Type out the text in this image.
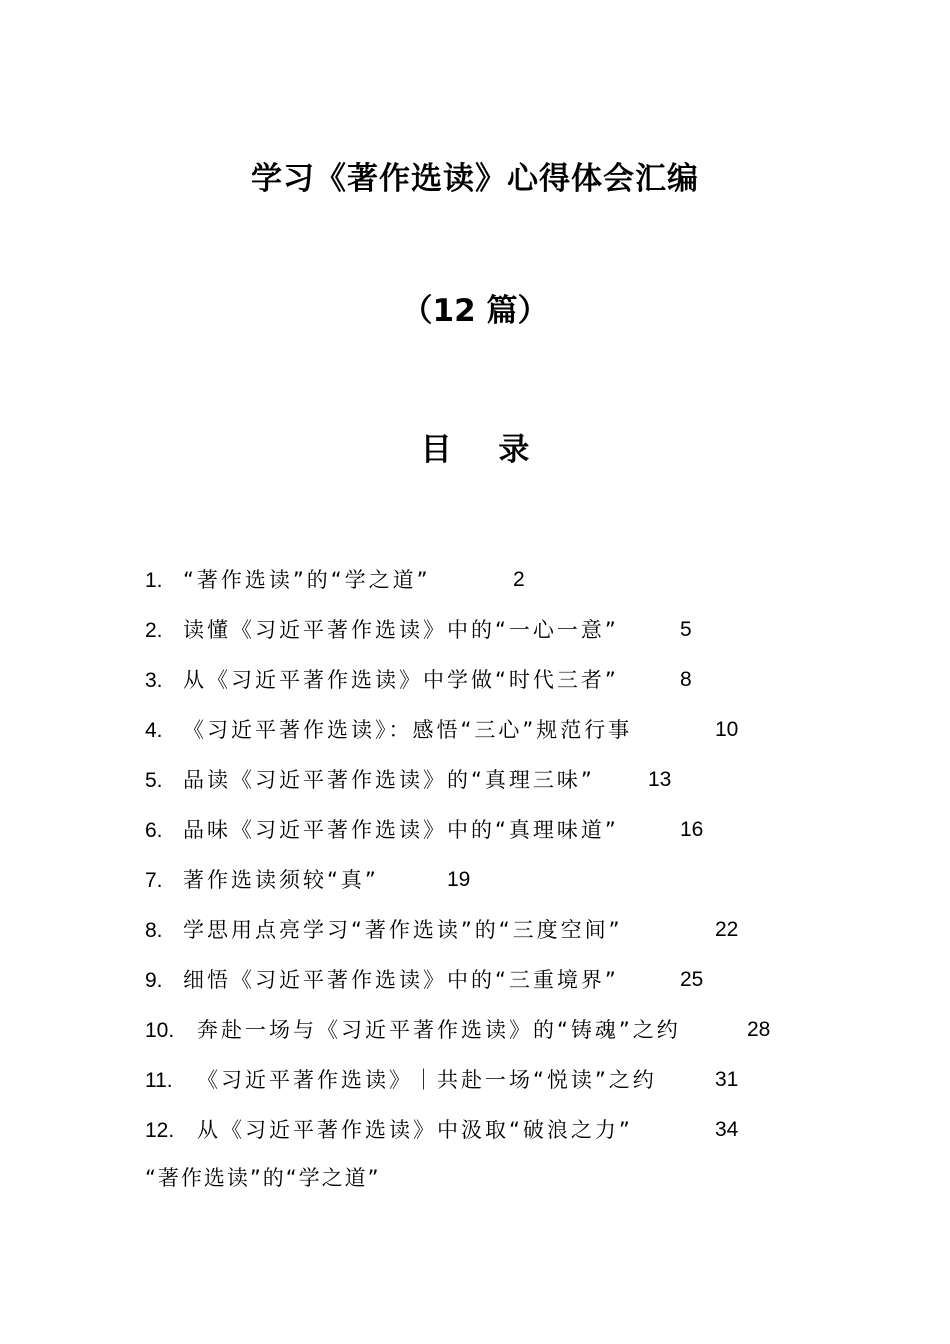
学习《著作选读》心得体会汇编
（12 篇）
目 录
1. “著作选读”的“学之道”	2
2. 读懂《习近平著作选读》中的“一心一意”	5
3. 从《习近平著作选读》中学做“时代三者”	8
4. 《习近平著作选读》：感悟“三心”规范行事	10
5. 品读《习近平著作选读》的“真理三味”	13
6. 品味《习近平著作选读》中的“真理味道”	16
7. 著作选读须较“真”	19
8. 学思用点亮学习“著作选读”的“三度空间”	22
9. 细悟《习近平著作选读》中的“三重境界”	25
10. 奔赴一场与《习近平著作选读》的“铸魂”之约	28
11. 《习近平著作选读》｜共赴一场“悦读”之约	31
12. 从《习近平著作选读》中汲取“破浪之力”	34
“著作选读”的“学之道”
